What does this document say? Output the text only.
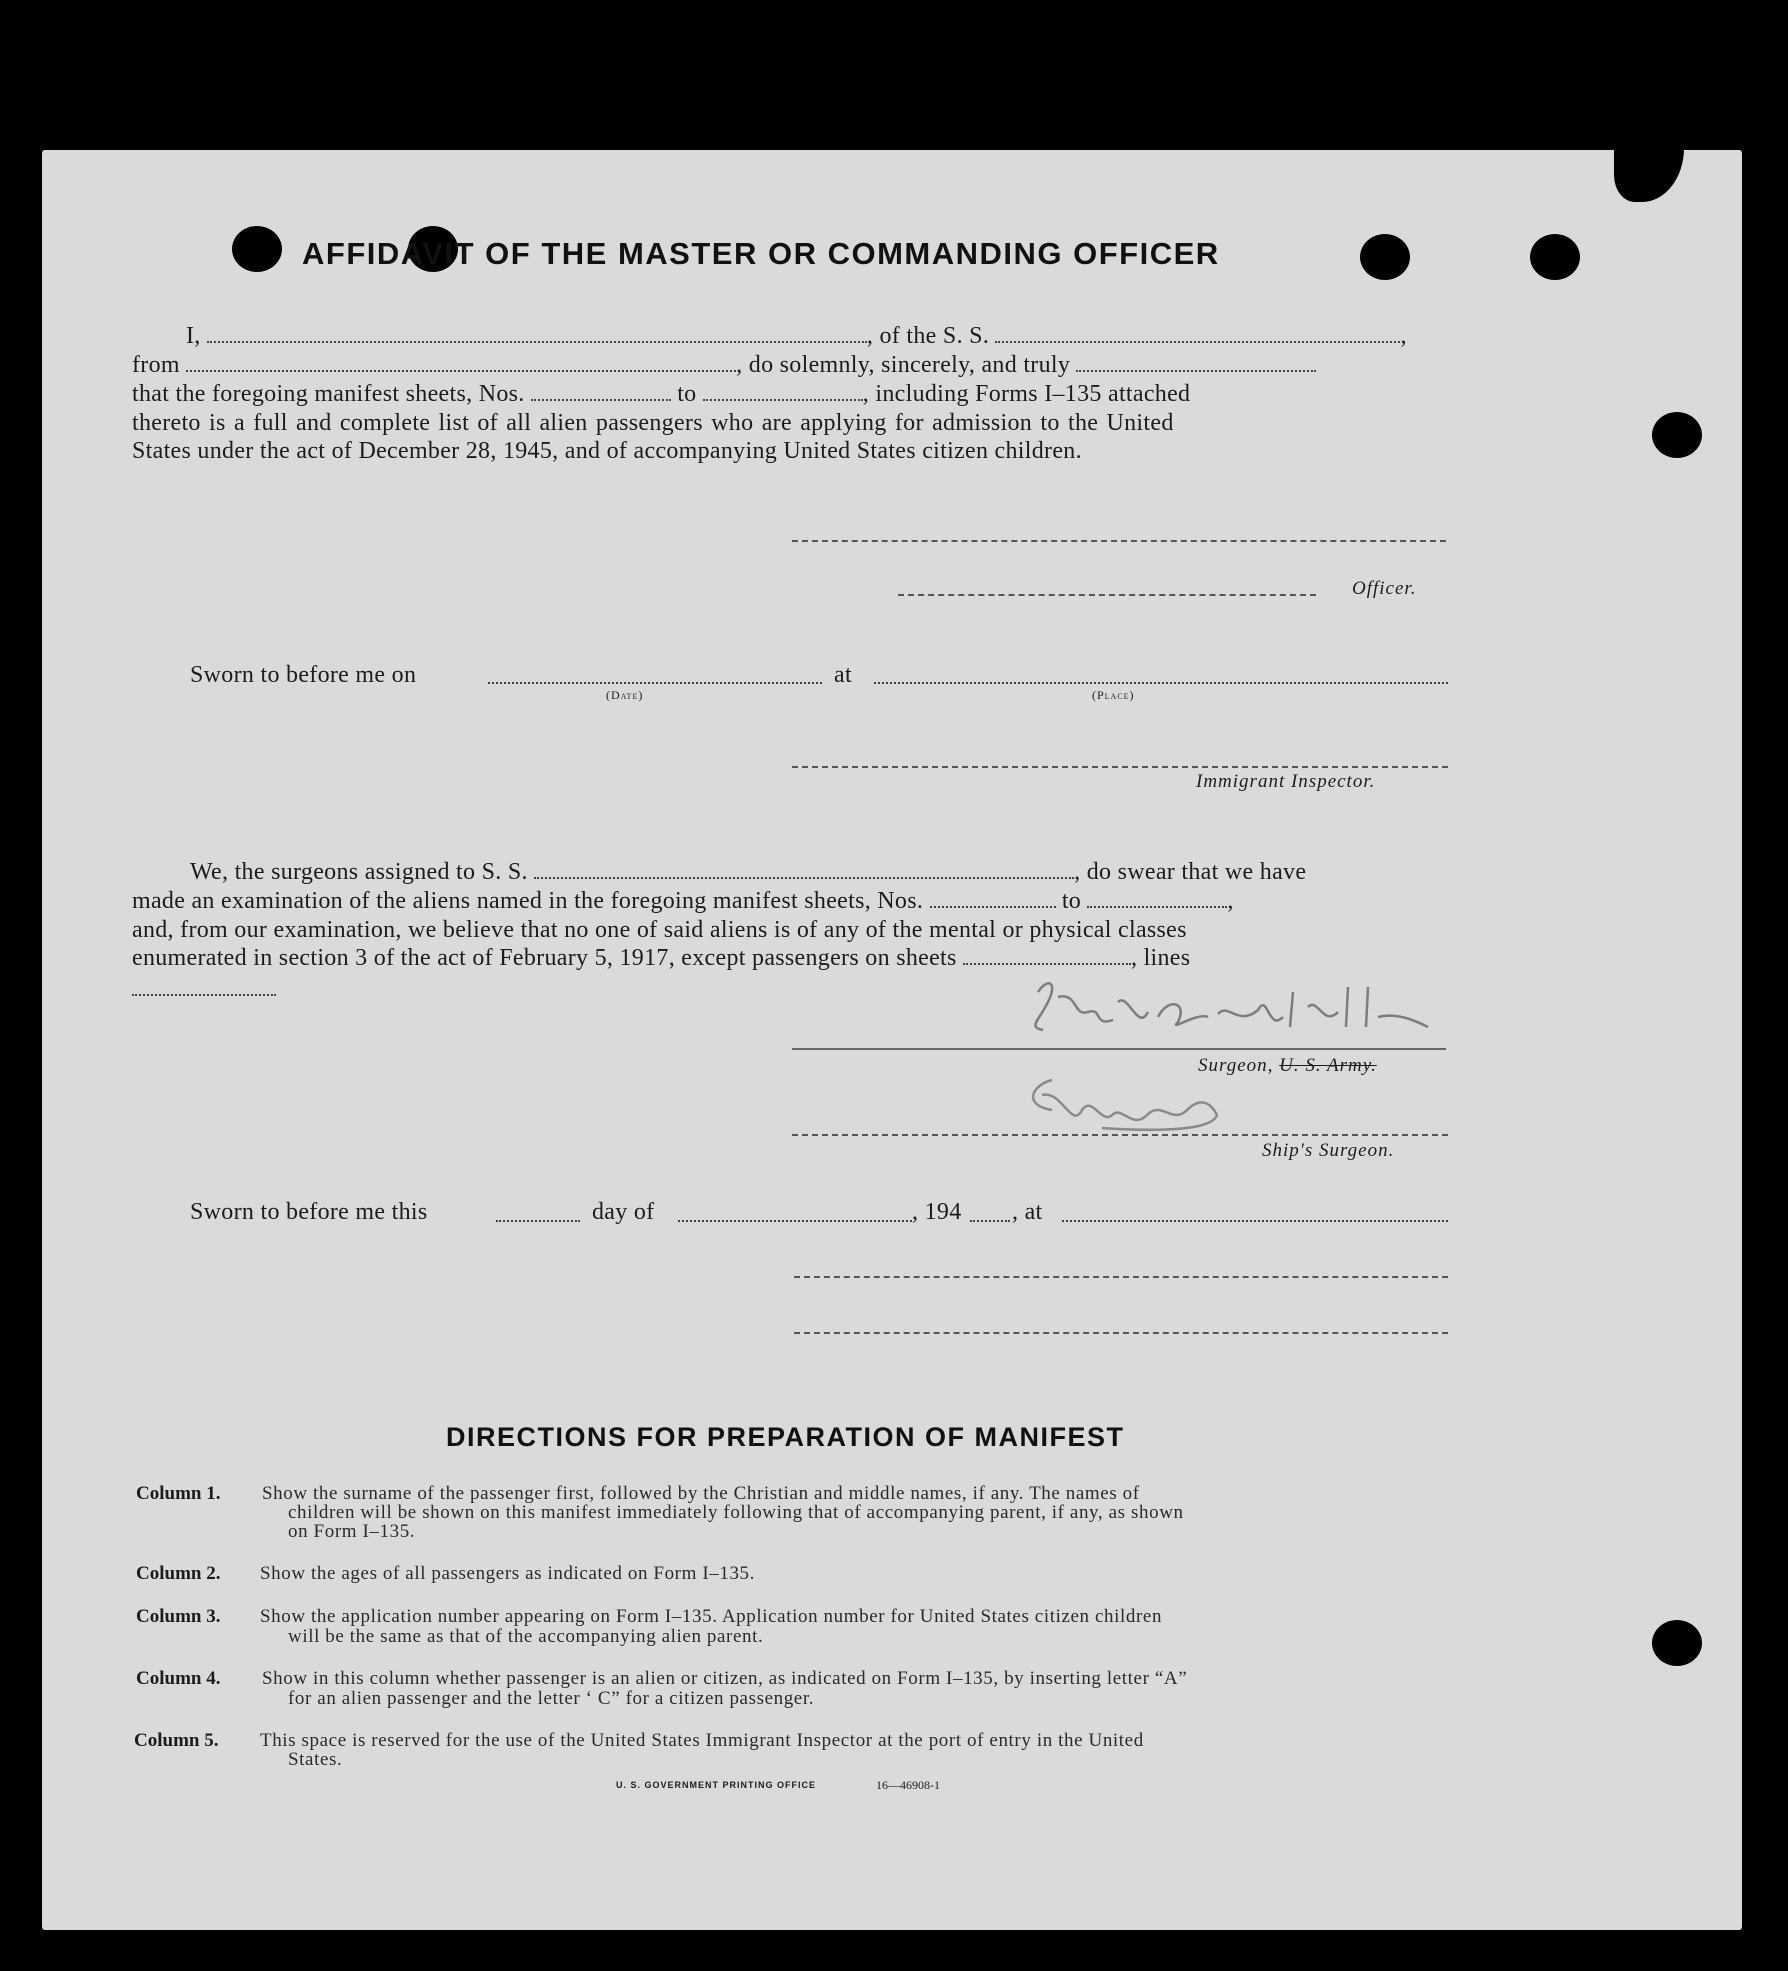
AFFIDAVIT OF THE MASTER OR COMMANDING OFFICER
I,	, of the S. S.	,
from	, do solemnly, sincerely, and truly
that the foregoing manifest sheets, Nos.	to	, including Forms I–135 attached
thereto is a full and complete list of all alien passengers who are applying for admission to the United
States under the act of December 28, 1945, and of accompanying United States citizen children.
Officer.
Sworn to before me on	at
(Date)	(Place)
Immigrant Inspector.
We, the surgeons assigned to S. S.	, do swear that we have
made an examination of the aliens named in the foregoing manifest sheets, Nos.	to	,
and, from our examination, we believe that no one of said aliens is of any of the mental or physical classes
enumerated in section 3 of the act of February 5, 1917, except passengers on sheets	, lines
Surgeon, U. S. Army.
Ship's Surgeon.
Sworn to before me this	day of	, 194 , at
DIRECTIONS FOR PREPARATION OF MANIFEST
Column 1. Show the surname of the passenger first, followed by the Christian and middle names, if any. The names of
children will be shown on this manifest immediately following that of accompanying parent, if any, as shown
on Form I–135.
Column 2. Show the ages of all passengers as indicated on Form I–135.
Column 3. Show the application number appearing on Form I–135. Application number for United States citizen children
will be the same as that of the accompanying alien parent.
Column 4. Show in this column whether passenger is an alien or citizen, as indicated on Form I–135, by inserting letter “A”
for an alien passenger and the letter ‘ C” for a citizen passenger.
Column 5. This space is reserved for the use of the United States Immigrant Inspector at the port of entry in the United
States.
U. S. GOVERNMENT PRINTING OFFICE	16—46908-1
